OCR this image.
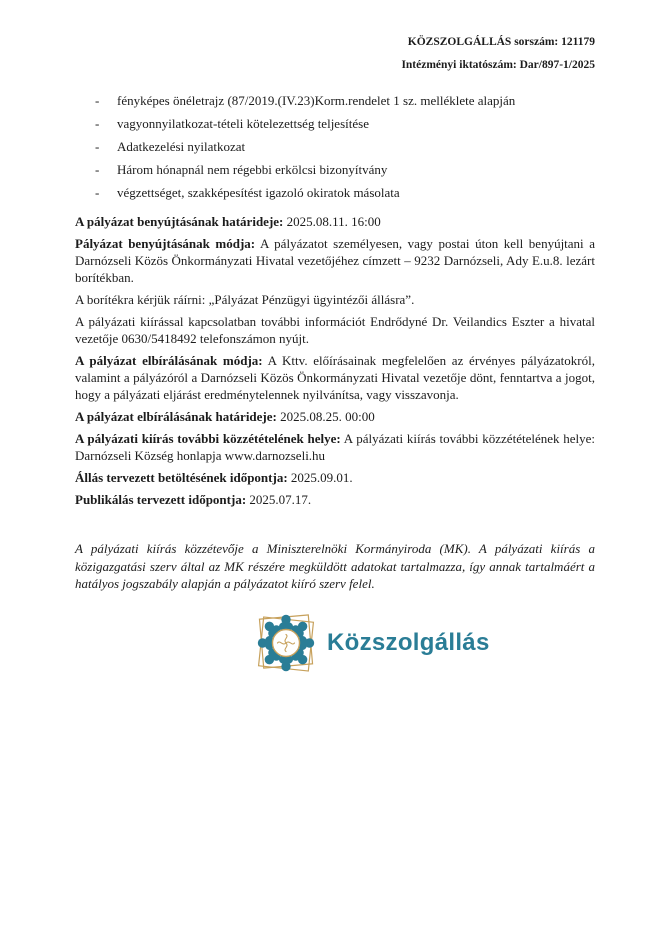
KÖZSZOLGÁLLÁS sorszám: 121179
Intézményi iktatószám: Dar/897-1/2025
-	fényképes önéletrajz (87/2019.(IV.23)Korm.rendelet 1 sz. melléklete alapján
-	vagyonnyilatkozat-tételi kötelezettség teljesítése
-	Adatkezelési nyilatkozat
-	Három hónapnál nem régebbi erkölcsi bizonyítvány
-	végzettséget, szakképesítést igazoló okiratok másolata

A pályázat benyújtásának határideje: 2025.08.11. 16:00

Pályázat benyújtásának módja: A pályázatot személyesen, vagy postai úton kell benyújtani a Darnózseli Közös Önkormányzati Hivatal vezetőjéhez címzett – 9232 Darnózseli, Ady E.u.8. lezárt borítékban.

A borítékra kérjük ráírni: „Pályázat Pénzügyi ügyintézői állásra”.

A pályázati kiírással kapcsolatban további információt Endrődyné Dr. Veilandics Eszter a hivatal vezetője 0630/5418492 telefonszámon nyújt.

A pályázat elbírálásának módja: A Kttv. előírásainak megfelelően az érvényes pályázatokról, valamint a pályázóról a Darnózseli Közös Önkormányzati Hivatal vezetője dönt, fenntartva a jogot, hogy a pályázati eljárást eredménytelennek nyilvánítsa, vagy visszavonja.

A pályázat elbírálásának határideje: 2025.08.25. 00:00

A pályázati kiírás további közzétételének helye: A pályázati kiírás további közzétételének helye: Darnózseli Község honlapja www.darnozseli.hu

Állás tervezett betöltésének időpontja: 2025.09.01.

Publikálás tervezett időpontja: 2025.07.17.

A pályázati kiírás közzétevője a Miniszterelnöki Kormányiroda (MK). A pályázati kiírás a közigazgatási szerv által az MK részére megküldött adatokat tartalmazza, így annak tartalmáért a hatályos jogszabály alapján a pályázatot kiíró szerv felel.

Közszolgállás
